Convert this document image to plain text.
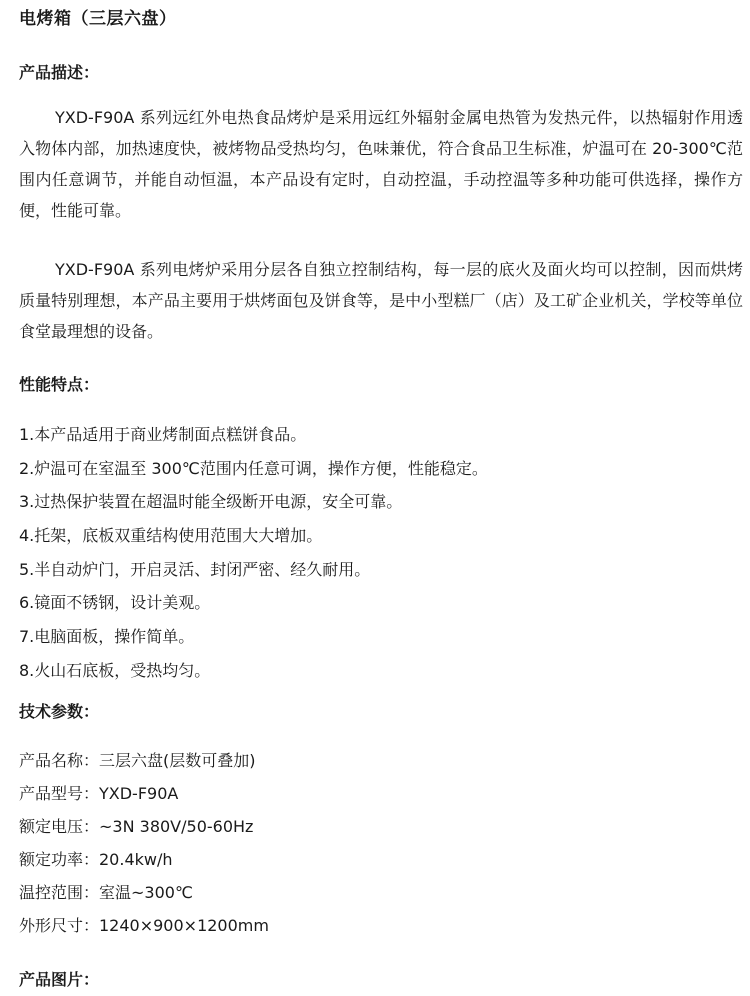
电烤箱（三层六盘）
产品描述：

YXD-F90A 系列远红外电热食品烤炉是采用远红外辐射金属电热管为发热元件，以热辐射作用透入物体内部，加热速度快，被烤物品受热均匀，色味兼优，符合食品卫生标准，炉温可在 20-300℃范围内任意调节，并能自动恒温，本产品设有定时，自动控温，手动控温等多种功能可供选择，操作方便，性能可靠。

YXD-F90A 系列电烤炉采用分层各自独立控制结构，每一层的底火及面火均可以控制，因而烘烤质量特别理想，本产品主要用于烘烤面包及饼食等，是中小型糕厂（店）及工矿企业机关，学校等单位食堂最理想的设备。

性能特点：
1.本产品适用于商业烤制面点糕饼食品。
2.炉温可在室温至 300℃范围内任意可调，操作方便，性能稳定。
3.过热保护装置在超温时能全级断开电源，安全可靠。
4.托架，底板双重结构使用范围大大增加。
5.半自动炉门，开启灵活、封闭严密、经久耐用。
6.镜面不锈钢，设计美观。
7.电脑面板，操作简单。
8.火山石底板，受热均匀。
技术参数：
产品名称：三层六盘(层数可叠加)
产品型号：YXD-F90A
额定电压：~3N 380V/50-60Hz
额定功率：20.4kw/h
温控范围：室温~300℃
外形尺寸：1240×900×1200mm
产品图片：
